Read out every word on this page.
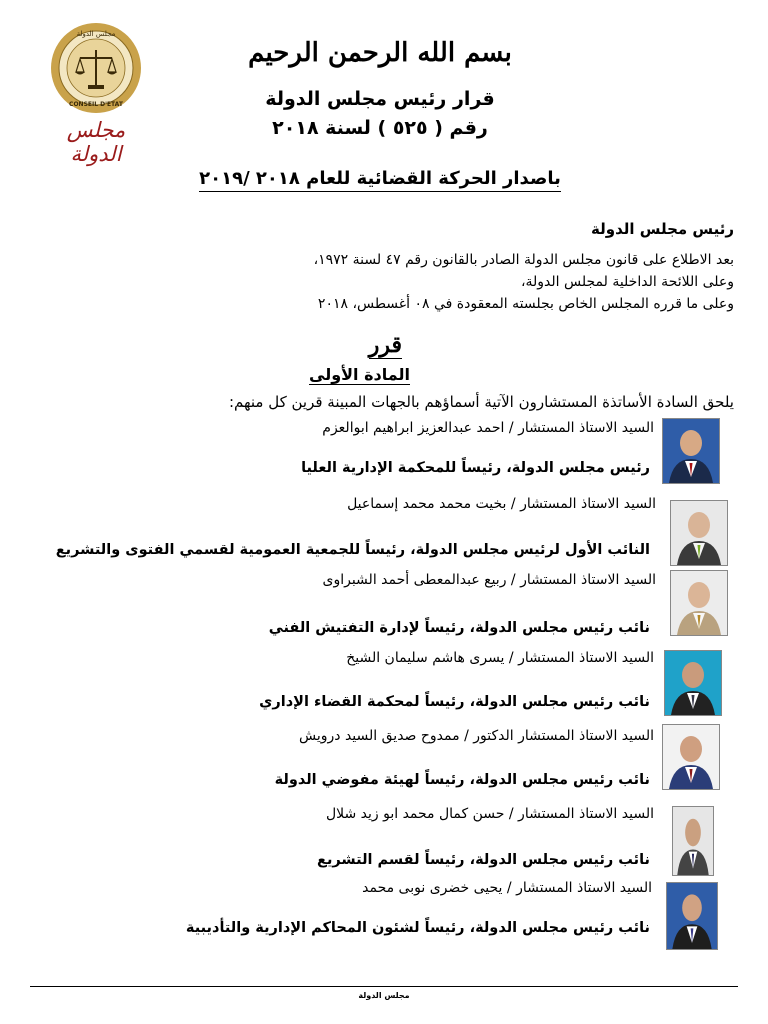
مجلس الدولة
CONSEIL D'ETAT
مجلس الدولة
بسم الله الرحمن الرحيم
قرار رئيس مجلس الدولة
رقم ( ٥٢٥ ) لسنة ٢٠١٨
باصدار الحركة القضائية للعام ٢٠١٨ /٢٠١٩
رئيس مجلس الدولة
بعد الاطلاع على قانون مجلس الدولة الصادر بالقانون رقم ٤٧ لسنة ١٩٧٢،
وعلى اللائحة الداخلية لمجلس الدولة،
وعلى ما قرره المجلس الخاص بجلسته المعقودة في ٠٨ أغسطس، ٢٠١٨
قرر
المادة الأولى
يلحق السادة الأساتذة المستشارون الآتية أسماؤهم بالجهات المبينة قرين كل منهم:
السيد الاستاذ المستشار / احمد عبدالعزيز ابراهيم ابوالعزم
رئيس مجلس الدولة، رئيساً للمحكمة الإدارية العليا
السيد الاستاذ المستشار / بخيت محمد محمد إسماعيل
النائب الأول لرئيس مجلس الدولة، رئيساً للجمعية العمومية لقسمي الفتوى والتشريع
السيد الاستاذ المستشار / ربيع عبدالمعطى أحمد الشبراوى
نائب رئيس مجلس الدولة، رئيساً لإدارة التفتيش الفني
السيد الاستاذ المستشار / يسرى هاشم سليمان الشيخ
نائب رئيس مجلس الدولة، رئيساً لمحكمة القضاء الإداري
السيد الاستاذ المستشار الدكتور / ممدوح صديق السيد درويش
نائب رئيس مجلس الدولة، رئيساً لهيئة مفوضي الدولة
السيد الاستاذ المستشار / حسن كمال محمد ابو زيد شلال
نائب رئيس مجلس الدولة، رئيساً لقسم التشريع
السيد الاستاذ المستشار / يحيى خضرى نوبى محمد
نائب رئيس مجلس الدولة، رئيساً لشئون المحاكم الإدارية والتأديبية
مجلس الدولة
